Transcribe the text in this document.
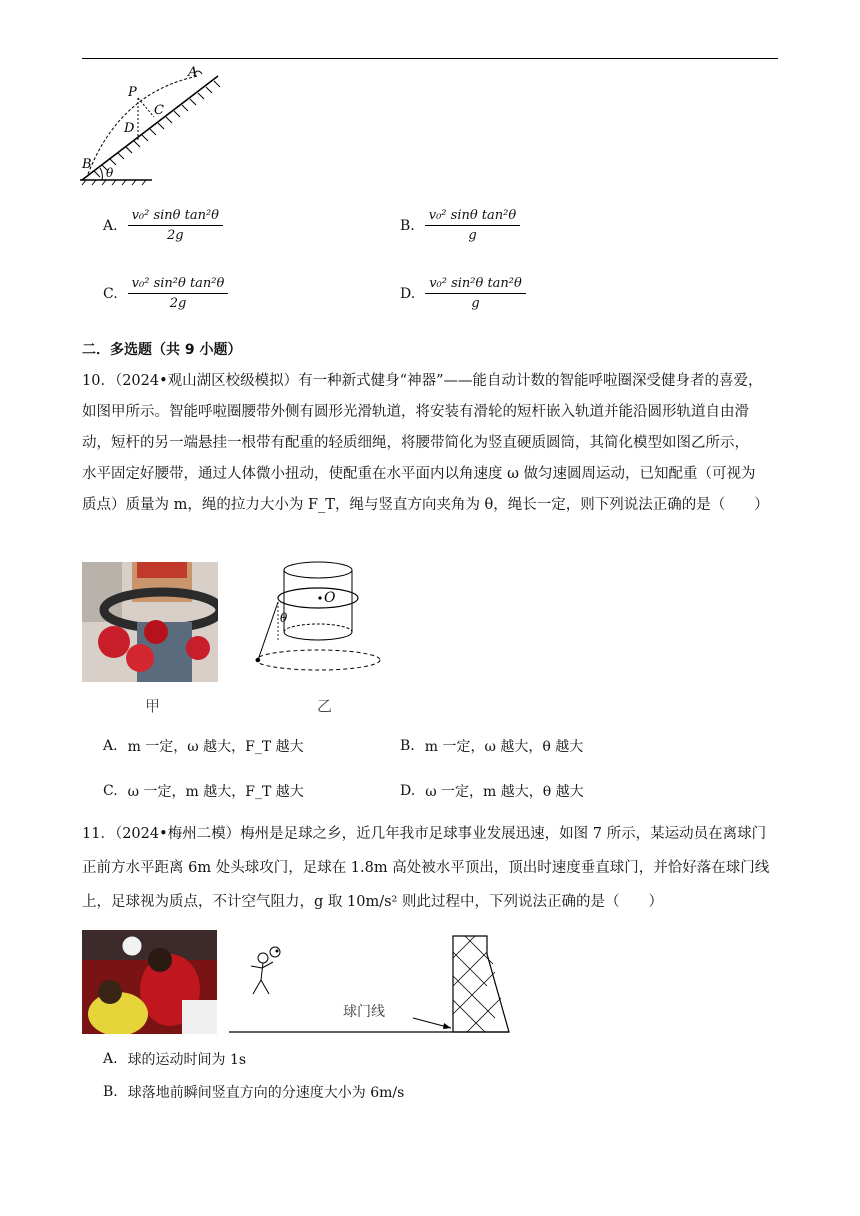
A
P
C
D
B
θ
A. $\frac{\text{v₀² sinθ tan²θ}}{2g}$	B. $\frac{\text{v₀² sinθ tan²θ}}{g}$
C. $\frac{\text{v₀² sin²θ tan²θ}}{2g}$	D. $\frac{\text{v₀² sin²θ tan²θ}}{g}$
二．多选题（共 9 小题）
10．（2024•观山湖区校级模拟）有一种新式健身“神器”——能自动计数的智能呼啦圈深受健身者的喜爱，
如图甲所示。智能呼啦圈腰带外侧有圆形光滑轨道，将安装有滑轮的短杆嵌入轨道并能沿圆形轨道自由滑
动，短杆的另一端悬挂一根带有配重的轻质细绳，将腰带简化为竖直硬质圆筒，其简化模型如图乙所示，
水平固定好腰带，通过人体微小扭动，使配重在水平面内以角速度 ω 做匀速圆周运动，已知配重（可视为
质点）质量为 m，绳的拉力大小为 F_T，绳与竖直方向夹角为 θ，绳长一定，则下列说法正确的是（　　）
甲
O
θ
乙
A. m 一定，ω 越大，F_T 越大	B. m 一定，ω 越大，θ 越大
C. ω 一定，m 越大，F_T 越大	D. ω 一定，m 越大，θ 越大
11．（2024•梅州二模）梅州是足球之乡，近几年我市足球事业发展迅速，如图 7 所示，某运动员在离球门
正前方水平距离 6m 处头球攻门，足球在 1.8m 高处被水平顶出，顶出时速度垂直球门，并恰好落在球门线
上，足球视为质点，不计空气阻力，g 取 10m/s² 则此过程中，下列说法正确的是（　　）
球门线
A. 球的运动时间为 1s
B. 球落地前瞬间竖直方向的分速度大小为 6m/s
